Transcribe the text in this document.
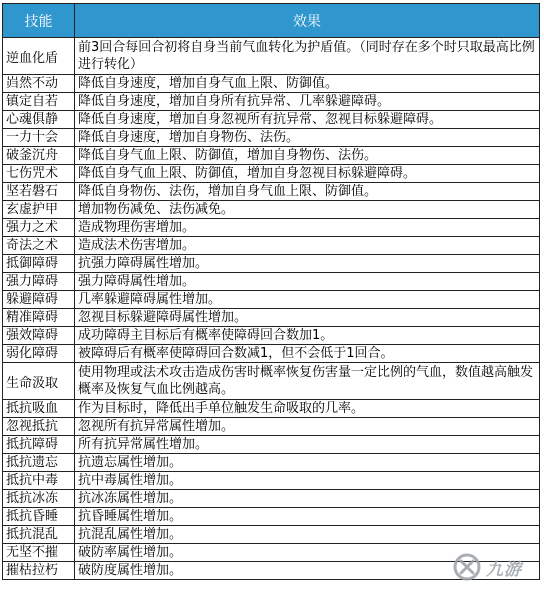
技能	效果
逆血化盾	前3回合每回合初将自身当前气血转化为护盾值。（同时存在多个时只取最高比例进行转化）
岿然不动	降低自身速度，增加自身气血上限、防御值。
镇定自若	降低自身速度，增加自身所有抗异常、几率躲避障碍。
心魂俱静	降低自身速度，增加自身忽视所有抗异常、忽视目标躲避障碍。
一力十会	降低自身速度，增加自身物伤、法伤。
破釜沉舟	降低自身气血上限、防御值，增加自身物伤、法伤。
七伤咒术	降低自身气血上限、防御值，增加自身忽视目标躲避障碍。
坚若磐石	降低自身物伤、法伤，增加自身气血上限、防御值。
玄虚护甲	增加物伤减免、法伤减免。
强力之术	造成物理伤害增加。
奇法之术	造成法术伤害增加。
抵御障碍	抗强力障碍属性增加。
强力障碍	强力障碍属性增加。
躲避障碍	几率躲避障碍属性增加。
精准障碍	忽视目标躲避障碍属性增加。
强效障碍	成功障碍主目标后有概率使障碍回合数加1。
弱化障碍	被障碍后有概率使障碍回合数减1，但不会低于1回合。
生命汲取	使用物理或法术攻击造成伤害时概率恢复伤害量一定比例的气血，数值越高触发概率及恢复气血比例越高。
抵抗吸血	作为目标时，降低出手单位触发生命吸取的几率。
忽视抵抗	忽视所有抗异常属性增加。
抵抗障碍	所有抗异常属性增加。
抵抗遗忘	抗遗忘属性增加。
抵抗中毒	抗中毒属性增加。
抵抗冰冻	抗冰冻属性增加。
抵抗昏睡	抗昏睡属性增加。
抵抗混乱	抗混乱属性增加。
无坚不摧	破防率属性增加。
摧枯拉朽	破防度属性增加。	九游
